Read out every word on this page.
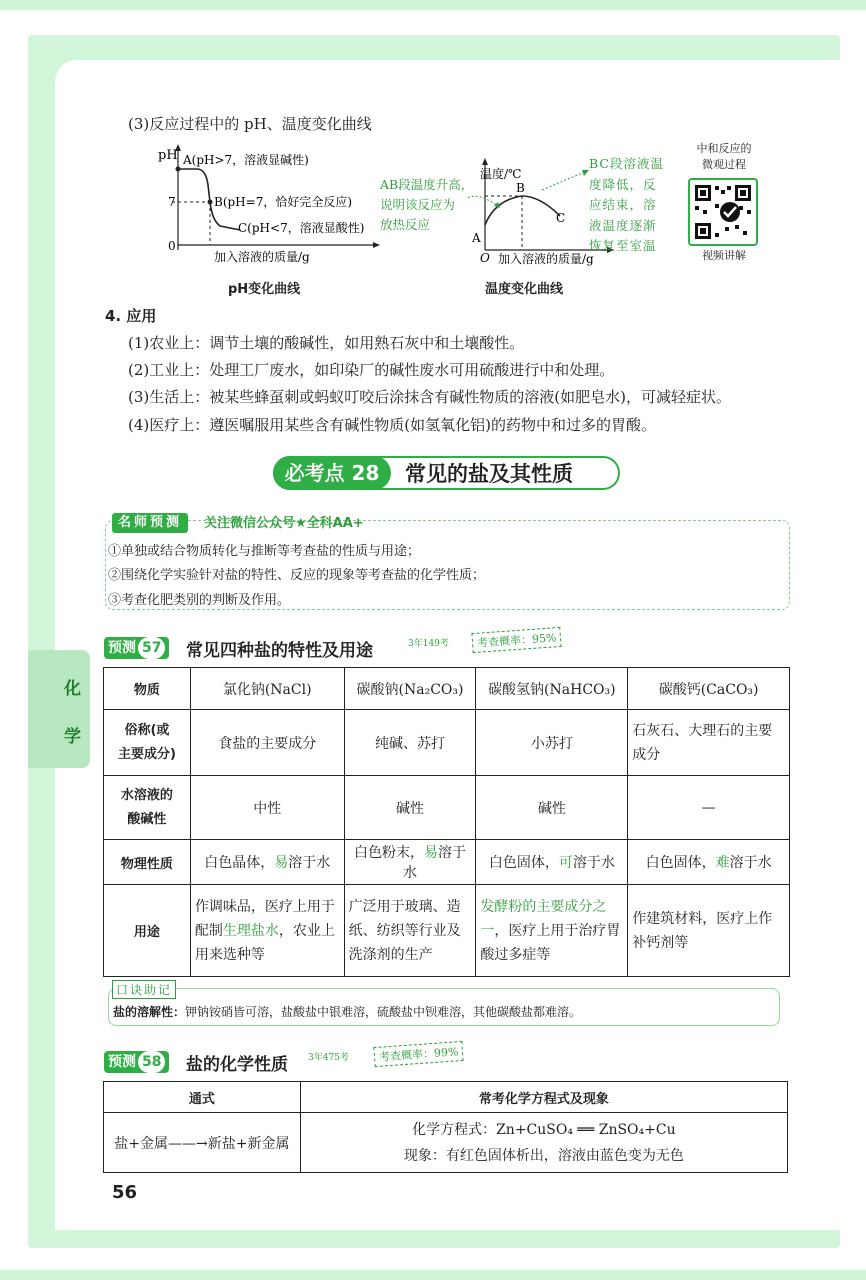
化
学
(3)反应过程中的 pH、温度变化曲线
pH A(pH>7，溶液显碱性)
7	B(pH=7，恰好完全反应)
C(pH<7，溶液显酸性)
0
加入溶液的质量/g
pH变化曲线
温度/℃
B
A
C
O 加入溶液的质量/g
AB段温度升高，
说明该反应为
放热反应
BC段溶液温
度降低，反
应结束，溶
液温度逐渐
恢复至室温
温度变化曲线
中和反应的
微观过程
视频讲解
4. 应用
(1)农业上：调节土壤的酸碱性，如用熟石灰中和土壤酸性。
(2)工业上：处理工厂废水，如印染厂的碱性废水可用硫酸进行中和处理。
(3)生活上：被某些蜂虿刺或蚂蚁叮咬后涂抹含有碱性物质的溶液(如肥皂水)，可减轻症状。
(4)医疗上：遵医嘱服用某些含有碱性物质(如氢氧化铝)的药物中和过多的胃酸。
必考点 28	常见的盐及其性质
名师预测	关注微信公众号★全科AA+
①单独或结合物质转化与推断等考查盐的性质与用途；
②围绕化学实验针对盐的特性、反应的现象等考查盐的化学性质；
③考查化肥类别的判断及作用。
预测 57	常见四种盐的特性及用途	3年149考	考查概率：95%
物质	氯化钠(NaCl)	碳酸钠(Na₂CO₃)	碳酸氢钠(NaHCO₃)	碳酸钙(CaCO₃)

俗称(或
主要成分)	食盐的主要成分	纯碱、苏打	小苏打	石灰石、大理石的主要成分

水溶液的
酸碱性	中性	碱性	碱性	—
物理性质	白色晶体，易溶于水	白色粉末，易溶于水	白色固体，可溶于水	白色固体，难溶于水
用途	作调味品，医疗上用于配制生理盐水，农业上用来选种等	广泛用于玻璃、造纸、纺织等行业及洗涤剂的生产	发酵粉的主要成分之一，医疗上用于治疗胃酸过多症等	作建筑材料，医疗上作补钙剂等
口诀助记
盐的溶解性：钾钠铵硝皆可溶，盐酸盐中银难溶，硫酸盐中钡难溶，其他碳酸盐都难溶。
预测 58	盐的化学性质 3年475考	考查概率：99%
通式	常考化学方程式及现象
盐+金属——→新盐+新金属	化学方程式：Zn+CuSO₄ ══ ZnSO₄+Cu
现象：有红色固体析出，溶液由蓝色变为无色
56
